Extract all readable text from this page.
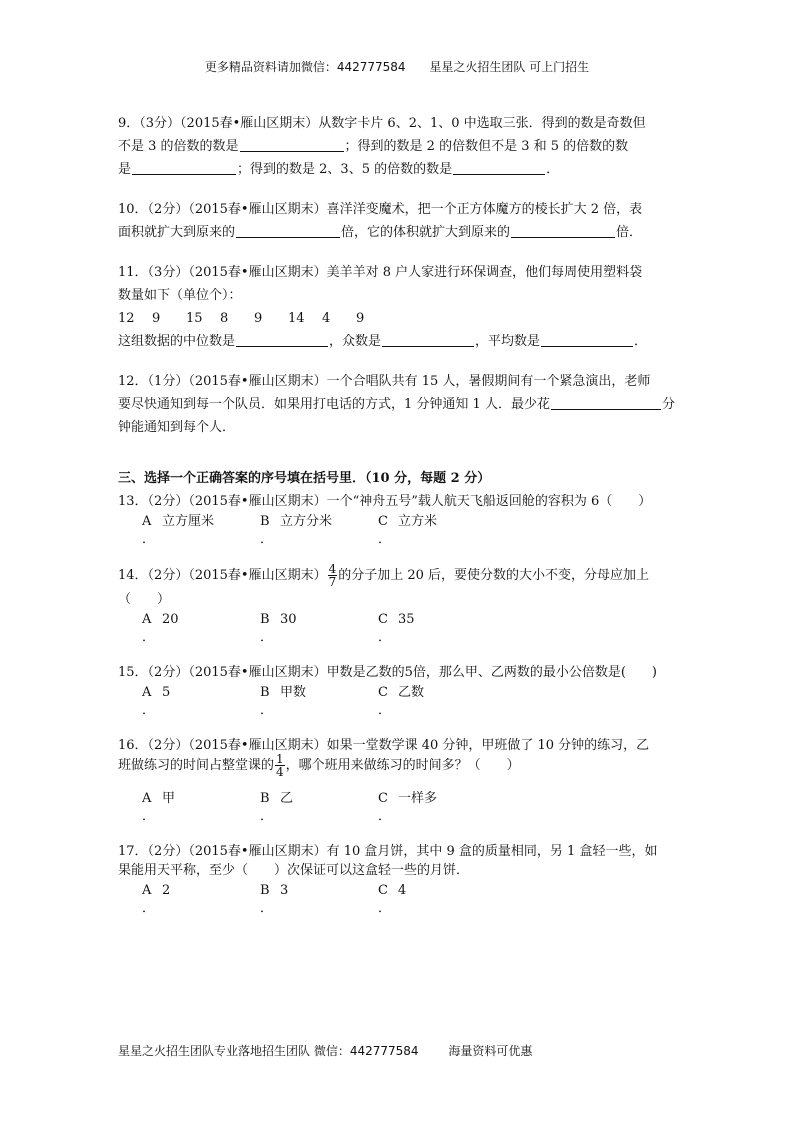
更多精品资料请加微信：442777584 星星之火招生团队 可上门招生
9．（3分）（2015春•雁山区期末）从数字卡片 6、2、1、0 中选取三张．得到的数是奇数但
不是 3 的倍数的数是	；得到的数是 2 的倍数但不是 3 和 5 的倍数的数
是	；得到的数是 2、3、5 的倍数的数是	．
10．（2分）（2015春•雁山区期末）喜洋洋变魔术，把一个正方体魔方的棱长扩大 2 倍，表
面积就扩大到原来的	倍，它的体积就扩大到原来的	倍．
11．（3分）（2015春•雁山区期末）美羊羊对 8 户人家进行环保调查，他们每周使用塑料袋
数量如下（单位个）：
12 9 15 8 9 14 4 9
这组数据的中位数是	，众数是	，平均数是	．
12．（1分）（2015春•雁山区期末）一个合唱队共有 15 人，暑假期间有一个紧急演出，老师
要尽快通知到每一个队员．如果用打电话的方式，1 分钟通知 1 人．最少花	分
钟能通知到每个人．
三、选择一个正确答案的序号填在括号里．（10 分，每题 2 分）
13．（2分）（2015春•雁山区期末）一个“神舟五号”载人航天飞船返回舱的容积为 6（　　）
A 立方厘米
．
B 立方分米
．
C 立方米
．
14．（2分）（2015春•雁山区期末） $\frac{4}{7}$ 的分子加上 20 后，要使分数的大小不变，分母应加上
（　　）
A 20
．
B 30
．
C 35
．
15．（2分）（2015春•雁山区期末）甲数是乙数的5倍，那么甲、乙两数的最小公倍数是(　　)
A 5
．
B 甲数
．
C 乙数
．
16．（2分）（2015春•雁山区期末）如果一堂数学课 40 分钟，甲班做了 10 分钟的练习，乙
班做练习的时间占整堂课的 $\frac{1}{4}$ ，哪个班用来做练习的时间多？（　　）
A 甲
．
B 乙
．
C 一样多
．
17．（2分）（2015春•雁山区期末）有 10 盒月饼，其中 9 盒的质量相同，另 1 盒轻一些，如
果能用天平称，至少（　　）次保证可以这盒轻一些的月饼．
A 2
．
B 3
．
C 4
．
星星之火招生团队专业落地招生团队 微信：442777584 海量资料可优惠
